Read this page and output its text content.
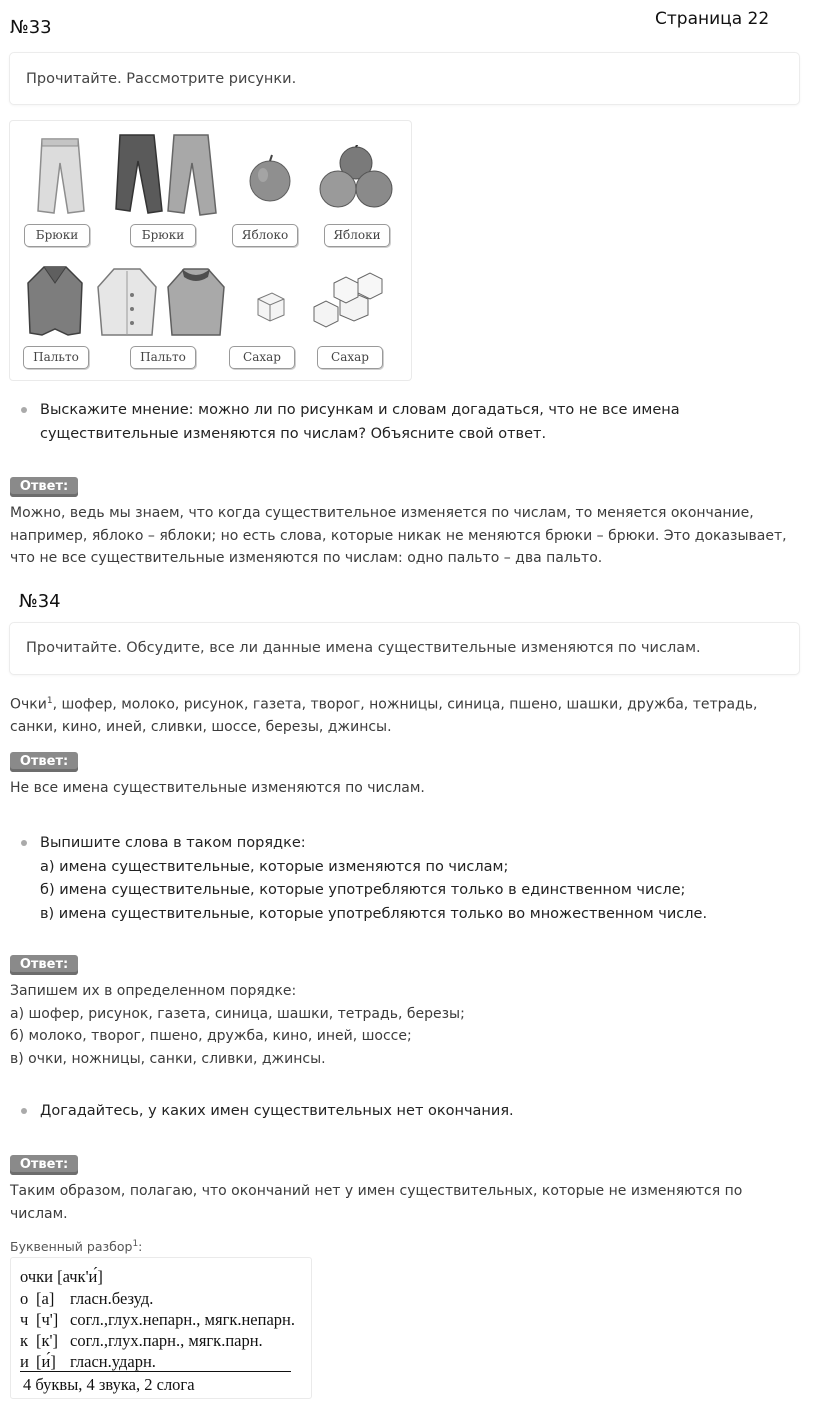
№33	Страница 22
Прочитайте. Рассмотрите рисунки.
Брюки	Брюки	Яблоко	Яблоки
Пальто	Пальто	Сахар	Сахар
Выскажите мнение: можно ли по рисункам и словам догадаться, что не все имена
существительные изменяются по числам? Объясните свой ответ.
Ответ:
Можно, ведь мы знаем, что когда существительное изменяется по числам, то меняется окончание,
например, яблоко – яблоки; но есть слова, которые никак не меняются брюки – брюки. Это доказывает,
что не все существительные изменяются по числам: одно пальто – два пальто.
№34
Прочитайте. Обсудите, все ли данные имена существительные изменяются по числам.
Очки$^1$, шофер, молоко, рисунок, газета, творог, ножницы, синица, пшено, шашки, дружба, тетрадь,
санки, кино, иней, сливки, шоссе, березы, джинсы.
Ответ:
Не все имена существительные изменяются по числам.
Выпишите слова в таком порядке:
а) имена существительные, которые изменяются по числам;
б) имена существительные, которые употребляются только в единственном числе;
в) имена существительные, которые употребляются только во множественном числе.
Ответ:
Запишем их в определенном порядке:
а) шофер, рисунок, газета, синица, шашки, тетрадь, березы;
б) молоко, творог, пшено, дружба, кино, иней, шоссе;
в) очки, ножницы, санки, сливки, джинсы.
Догадайтесь, у каких имен существительных нет окончания.
Ответ:
Таким образом, полагаю, что окончаний нет у имен существительных, которые не изменяются по
числам.
Буквенный разбор$^1$:
очки [ачк'и́]
о [а] гласн.безуд.
ч [ч'] согл.,глух.непарн., мягк.непарн.
к [к'] согл.,глух.парн., мягк.парн.
и [и́] гласн.ударн.
4 буквы, 4 звука, 2 слога
